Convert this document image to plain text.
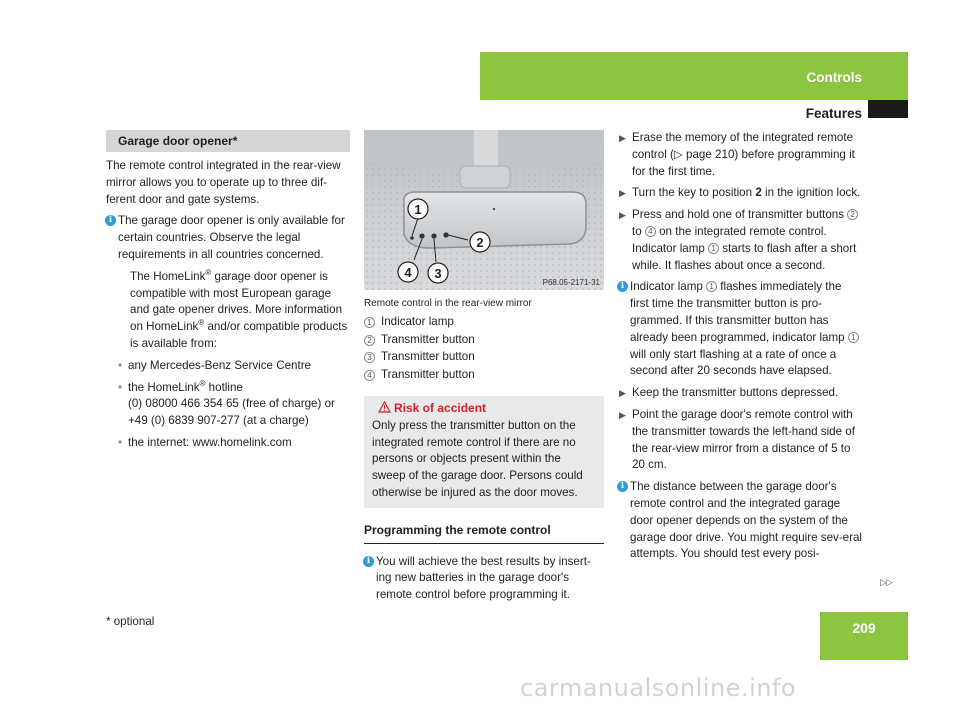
Controls
Features
Garage door opener*

The remote control integrated in the rear-view mirror allows you to operate up to three dif-ferent door and gate systems.

i The garage door opener is only available for certain countries. Observe the legal requirements in all countries concerned.
The HomeLink® garage door opener is compatible with most European garage and gate opener drives. More information on HomeLink® and/or compatible products is available from:
• any Mercedes-Benz Service Centre
• the HomeLink® hotline
(0) 08000 466 354 65 (free of charge) or
+49 (0) 6839 907-277 (at a charge)
• the internet: www.homelink.com
1
2
4 3
P68.05-2171-31
Remote control in the rear-view mirror
1 Indicator lamp
2 Transmitter button
3 Transmitter button
4 Transmitter button
Risk of accident
Only press the transmitter button on the integrated remote control if there are no persons or objects present within the sweep of the garage door. Persons could otherwise be injured as the door moves.
Programming the remote control
i You will achieve the best results by insert-ing new batteries in the garage door's remote control before programming it.
▶ Erase the memory of the integrated remote control (▷ page 210) before programming it for the first time.
▶ Turn the key to position 2 in the ignition lock.
▶ Press and hold one of transmitter buttons 2 to 4 on the integrated remote control. Indicator lamp 1 starts to flash after a short while. It flashes about once a second.
i Indicator lamp 1 flashes immediately the first time the transmitter button is pro-grammed. If this transmitter button has already been programmed, indicator lamp 1 will only start flashing at a rate of once a second after 20 seconds have elapsed.
▶ Keep the transmitter buttons depressed.
▶ Point the garage door's remote control with the transmitter towards the left-hand side of the rear-view mirror from a distance of 5 to 20 cm.
i The distance between the garage door's remote control and the integrated garage door opener depends on the system of the garage door drive. You might require sev-eral attempts. You should test every posi-
▷▷
* optional	209
carmanualsonline.info
